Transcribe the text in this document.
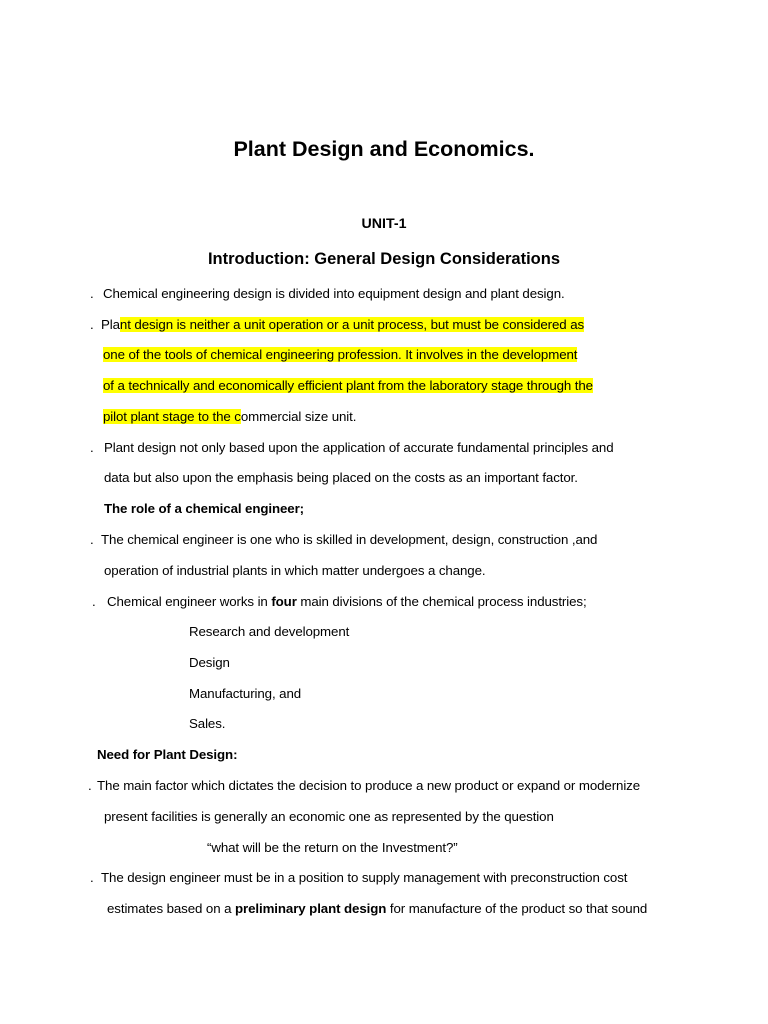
Plant Design and Economics.
UNIT-1
Introduction: General Design Considerations
. Chemical engineering design is divided into equipment design and plant design.
. Plant design is neither a unit operation or a unit process, but must be considered as
one of the tools of chemical engineering profession. It involves in the development
of a technically and economically efficient plant from the laboratory stage through the
pilot plant stage to the commercial size unit.
. Plant design not only based upon the application of accurate fundamental principles and
data but also upon the emphasis being placed on the costs as an important factor.
The role of a chemical engineer;
. The chemical engineer is one who is skilled in development, design, construction ,and
operation of industrial plants in which matter undergoes a change.
. Chemical engineer works in four main divisions of the chemical process industries;
Research and development
Design
Manufacturing, and
Sales.
Need for Plant Design:
. The main factor which dictates the decision to produce a new product or expand or modernize
present facilities is generally an economic one as represented by the question
“what will be the return on the Investment?”
. The design engineer must be in a position to supply management with preconstruction cost
estimates based on a preliminary plant design for manufacture of the product so that sound
